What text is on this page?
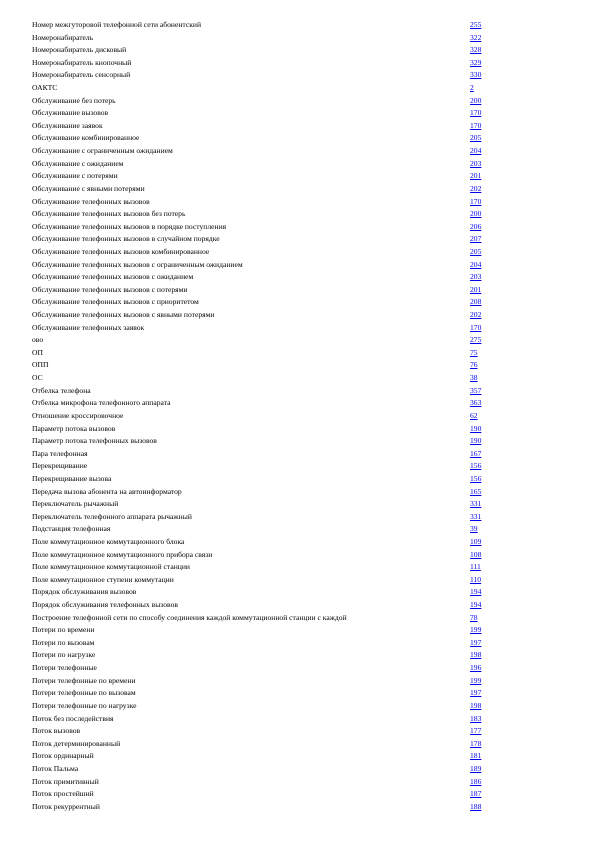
Номер межгуторовой телефонной сети абонентский	255
Номеронабиратель	322
Номеронабиратель дисковый	328
Номеронабиратель кнопочный	329
Номеронабиратель сенсорный	330
ОАКТС	2
Обслуживание без потерь	200
Обслуживание вызовов	170
Обслуживание заявок	170
Обслуживание комбинированное	205
Обслуживание с ограниченным ожиданием	204
Обслуживание с ожиданием	203
Обслуживание с потерями	201
Обслуживание с явными потерями	202
Обслуживание телефонных вызовов	170
Обслуживание телефонных вызовов без потерь	200
Обслуживание телефонных вызовов в порядке поступления	206
Обслуживание телефонных вызовов в случайном порядке	207
Обслуживание телефонных вызовов комбинированное	205
Обслуживание телефонных вызовов с ограниченным ожиданием	204
Обслуживание телефонных вызовов с ожиданием	203
Обслуживание телефонных вызовов с потерями	201
Обслуживание телефонных вызовов с приоритетом	208
Обслуживание телефонных вызовов с явными потерями	202
Обслуживание телефонных заявок	170
ово	275
ОП	75
ОПП	76
ОС	38
Отбелка телефона	357
Отбелка микрофона телефонного аппарата	363
Отношение кроссировочное	62
Параметр потока вызовов	190
Параметр потока телефонных вызовов	190
Пара телефонная	167
Перекрещивание	156
Перекрещивание вызова	156
Передача вызова абонента на автоинформатор	165
Переключатель рычажный	331
Переключатель телефонного аппарата рычажный	331
Подстанция телефонная	39
Поле коммутационное коммутационного блока	109
Поле коммутационное коммутационного прибора связи	108
Поле коммутационное коммутационной станции	111
Поле коммутационное ступени коммутации	110
Порядок обслуживания вызовов	194
Порядок обслуживания телефонных вызовов	194
Построение телефонной сети по способу соединения каждой коммутационной станции с каждой	78
Потери по времени	199
Потери по вызовам	197
Потери по нагрузке	198
Потери телефонные	196
Потери телефонные по времени	199
Потери телефонные по вызовам	197
Потери телефонные по нагрузке	198
Поток без последействия	183
Поток вызовов	177
Поток детерминированный	178
Поток ординарный	181
Поток Пальма	189
Поток примитивный	186
Поток простейший	187
Поток рекуррентный	188
